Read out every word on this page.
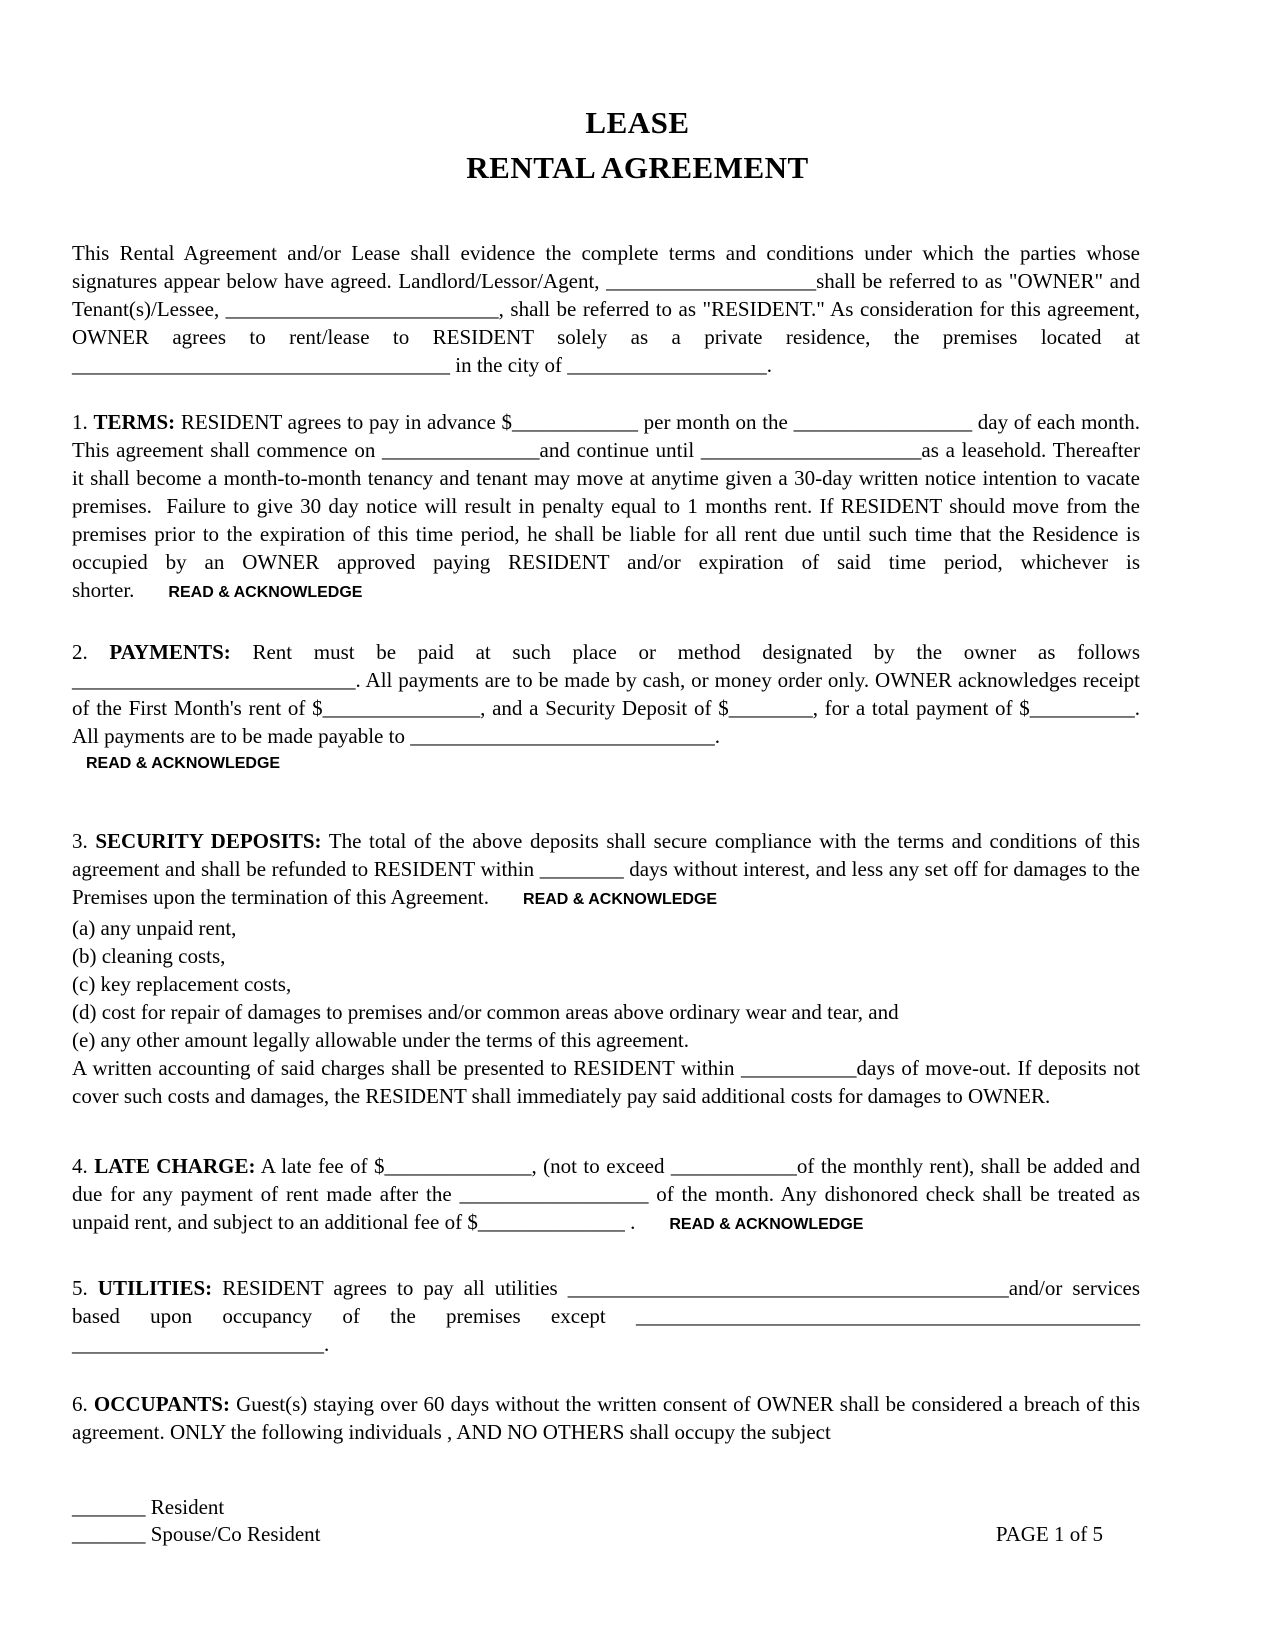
LEASE
RENTAL AGREEMENT

This Rental Agreement and/or Lease shall evidence the complete terms and conditions under which the parties whose signatures appear below have agreed. Landlord/Lessor/Agent, ____________________shall be referred to as "OWNER" and Tenant(s)/Lessee, __________________________, shall be referred to as "RESIDENT." As consideration for this agreement, OWNER agrees to rent/lease to RESIDENT solely as a private residence, the premises located at ____________________________________ in the city of ___________________.

1. TERMS: RESIDENT agrees to pay in advance $____________ per month on the _________________ day of each month. This agreement shall commence on _______________and continue until _____________________as a leasehold. Thereafter it shall become a month-to-month tenancy and tenant may move at anytime given a 30-day written notice intention to vacate premises.  Failure to give 30 day notice will result in penalty equal to 1 months rent. If RESIDENT should move from the premises prior to the expiration of this time period, he shall be liable for all rent due until such time that the Residence is occupied by an OWNER approved paying RESIDENT and/or expiration of said time period, whichever is shorter. READ & ACKNOWLEDGE

2. PAYMENTS: Rent must be paid at such place or method designated by the owner as follows ___________________________. All payments are to be made by cash, or money order only. OWNER acknowledges receipt of the First Month's rent of $_______________, and a Security Deposit of $________, for a total payment of $__________. All payments are to be made payable to _____________________________.

READ & ACKNOWLEDGE

3. SECURITY DEPOSITS: The total of the above deposits shall secure compliance with the terms and conditions of this agreement and shall be refunded to RESIDENT within ________ days without interest, and less any set off for damages to the Premises upon the termination of this Agreement. READ & ACKNOWLEDGE

(a) any unpaid rent,
(b) cleaning costs,
(c) key replacement costs,
(d) cost for repair of damages to premises and/or common areas above ordinary wear and tear, and
(e) any other amount legally allowable under the terms of this agreement.

A written accounting of said charges shall be presented to RESIDENT within ___________days of move-out. If deposits not cover such costs and damages, the RESIDENT shall immediately pay said additional costs for damages to OWNER.

4. LATE CHARGE: A late fee of $______________, (not to exceed ____________of the monthly rent), shall be added and due for any payment of rent made after the __________________ of the month. Any dishonored check shall be treated as unpaid rent, and subject to an additional fee of $______________ . READ & ACKNOWLEDGE

5. UTILITIES: RESIDENT agrees to pay all utilities __________________________________________and/or services based upon occupancy of the premises except ________________________________________________ ________________________.

6. OCCUPANTS: Guest(s) staying over 60 days without the written consent of OWNER shall be considered a breach of this agreement. ONLY the following individuals , AND NO OTHERS shall occupy the subject

_______ Resident
_______ Spouse/Co Resident	PAGE 1 of 5
